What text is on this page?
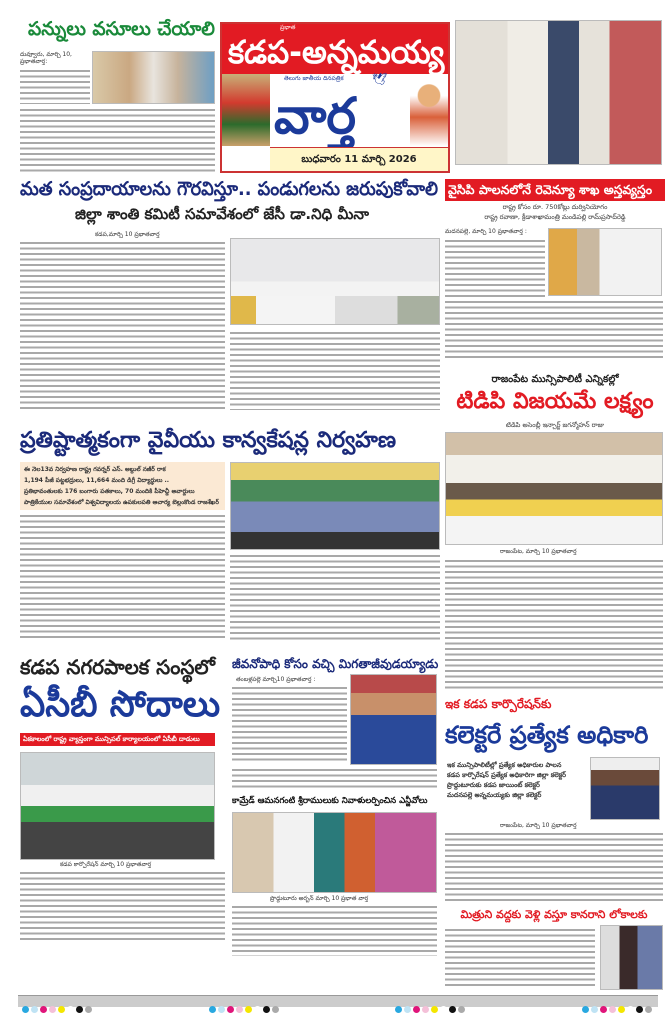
పన్నులు వసూలు చేయాలి
దువ్వూరు, మార్చి 10, ప్రభాతవార్త:
ప్రభాత
కడప-అన్నమయ్య
తెలుగు జాతీయ దినపత్రిక 🕊
వార్త
బుధవారం 11 మార్చి 2026
మత సంప్రదాయాలను గౌరవిస్తూ.. పండుగలను జరుపుకోవాలి
జిల్లా శాంతి కమిటీ సమావేశంలో జేసీ డా.నిధి మీనా
కడప,మార్చి 10 ప్రభాతవార్త
వైసిపి పాలనలోనే రెవెన్యూ శాఖ అస్తవ్యస్తం
రాష్ట్ర కోసం రూ. 750కోట్లు దుర్వినియోగం
రాష్ట్ర రవాణా, క్రీడాశాఖామంత్రి మండిపల్లి రామ్‌ప్రసాద్‌రెడ్డి
మదనపల్లె, మార్చి 10 ప్రభాతవార్త :
రాజంపేట మున్సిపాలిటీ ఎన్నికల్లో
టిడిపి విజయమే లక్ష్యం
టిడిపి అసెంబ్లీ ఇన్చార్జ్ జగన్మోహన్ రాజు
రాజంపేట, మార్చి 10 ప్రభాతవార్త
ప్రతిష్టాత్మకంగా వైవీయు కాన్వకేషన్ల నిర్వహణ
ఈ నెల13వ నిర్వహణ రాష్ట్ర గవర్నర్ ఎస్. అబ్దుల్ నజీర్ రాక
1,194 పీజీ పట్టభద్రులు, 11,664 మంది డిగ్రీ విద్యార్థులు ..
ప్రతిభావంతులకు 176 బంగారు పతకాలు, 70 మందికి పీహెచ్డీ అవార్డులు
పాత్రికేయుల సమావేశంలో విశ్వవిద్యాలయ ఉపకులపతి ఆచార్య బెల్లంకొండ రాజశేఖర్
కడప నగరపాలక సంస్థలో
ఏసీబీ సోదాలు
ఏకకాలంలో రాష్ట్ర వ్యాప్తంగా మున్సిపల్ కార్యాలయంలో ఏసీబీ దాడులు
కడప కార్పొరేషన్ మార్చి 10 ప్రభాతవార్త
జీవనోపాధి కోసం వచ్చి మిగతాజీవుడయ్యాడు
తంబళ్లపల్లె మార్చి10 ప్రభాతవార్త :
కామ్రేడ్ ఆమనగంటి శ్రీరాములుకు నివాళులర్పించిన ఎన్జీవోలు
ప్రొద్దుటూరు అర్బన్ మార్చి 10 ప్రభాత వార్త
ఇక కడప కార్పొరేషన్‌కు
కలెక్టరే ప్రత్యేక అధికారి
ఇక మున్సిపాలిటీల్లో ప్రత్యేక అధికారుల పాలన
కడప కార్పొరేషన్ ప్రత్యేక అధికారిగా జిల్లా కలెక్టర్
ప్రొద్దుటూరుకు కడప జాయింట్ కలెక్టర్
మదనపల్లె అన్నమయ్యకు జిల్లా కలెక్టర్
రాజంపేట, మార్చి 10 ప్రభాతవార్త
మిత్రుని వద్దకు వెళ్లి వస్తూ కానరాని లోకాలకు
